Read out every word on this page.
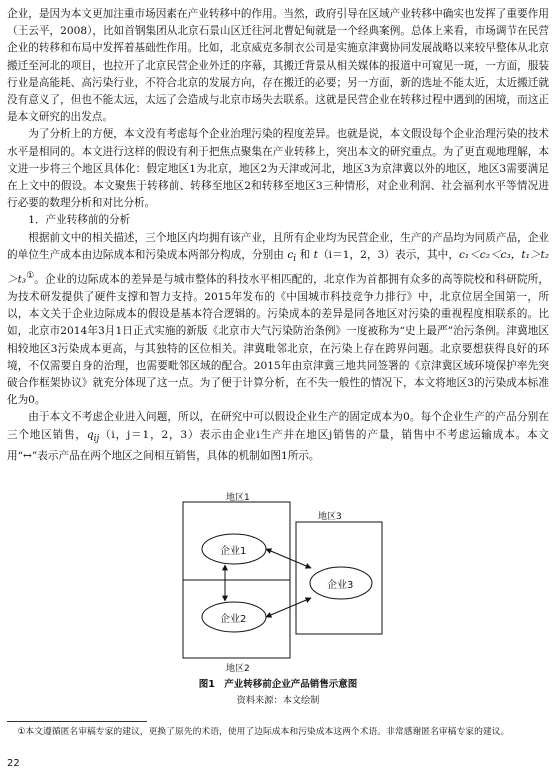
企业，是因为本文更加注重市场因素在产业转移中的作用。当然，政府引导在区域产业转移中确实也发挥了重要作用（王云平，2008），比如首钢集团从北京石景山区迁往河北曹妃甸就是一个经典案例。总体上来看，市场调节在民营企业的转移和布局中发挥着基础性作用。比如，北京威克多制衣公司是实施京津冀协同发展战略以来较早整体从北京搬迁至河北的项目，也拉开了北京民营企业外迁的序幕，其搬迁背景从相关媒体的报道中可窥见一斑，一方面，服装行业是高能耗、高污染行业，不符合北京的发展方向，存在搬迁的必要；另一方面，新的选址不能太近，太近搬迁就没有意义了，但也不能太远，太远了会造成与北京市场失去联系。这就是民营企业在转移过程中遇到的困境，而这正是本文研究的出发点。

为了分析上的方便，本文没有考虑每个企业治理污染的程度差异。也就是说，本文假设每个企业治理污染的技术水平是相同的。本文进行这样的假设有利于把焦点聚集在产业转移上，突出本文的研究重点。为了更直观地理解，本文进一步将三个地区具体化：假定地区1为北京，地区2为天津或河北，地区3为京津冀以外的地区，地区3需要满足在上文中的假设。本文聚焦于转移前、转移至地区2和转移至地区3三种情形，对企业利润、社会福利水平等情况进行必要的数理分析和对比分析。

1．产业转移前的分析

根据前文中的相关描述，三个地区内均拥有该产业，且所有企业均为民营企业，生产的产品均为同质产品，企业的单位生产成本由边际成本和污染成本两部分构成，分别由 $c_i$ 和 t（i＝1，2，3）表示，其中，c₁＜c₂＜c₃，t₁＞t₂＞t₃①。企业的边际成本的差异是与城市整体的科技水平相匹配的，北京作为首都拥有众多的高等院校和科研院所，为技术研发提供了硬件支撑和智力支持。2015年发布的《中国城市科技竞争力排行》中，北京位居全国第一，所以，本文关于企业边际成本的假设是基本符合逻辑的。污染成本的差异是同各地区对污染的重视程度相联系的。比如，北京市2014年3月1日正式实施的新版《北京市大气污染防治条例》一度被称为“史上最严”治污条例。津冀地区相较地区3污染成本更高，与其独特的区位相关。津冀毗邻北京，在污染上存在跨界问题。北京要想获得良好的环境，不仅需要自身的治理，也需要毗邻区域的配合。2015年由京津冀三地共同签署的《京津冀区域环境保护率先突破合作框架协议》就充分体现了这一点。为了便于计算分析，在不失一般性的情况下，本文将地区3的污染成本标准化为0。

由于本文不考虑企业进入问题，所以，在研究中可以假设企业生产的固定成本为0。每个企业生产的产品分别在三个地区销售，$q_{ij}(i$，j＝1，2，3）表示由企业i生产并在地区j销售的产量，销售中不考虑运输成本。本文用“↔”表示产品在两个地区之间相互销售，具体的机制如图1所示。

地区1
地区2
地区3
企业1
企业2
企业3
图1　产业转移前企业产品销售示意图
资料来源：本文绘制

①本文遵循匿名审稿专家的建议，更换了原先的术语，使用了边际成本和污染成本这两个术语。非常感谢匿名审稿专家的建议。

22
